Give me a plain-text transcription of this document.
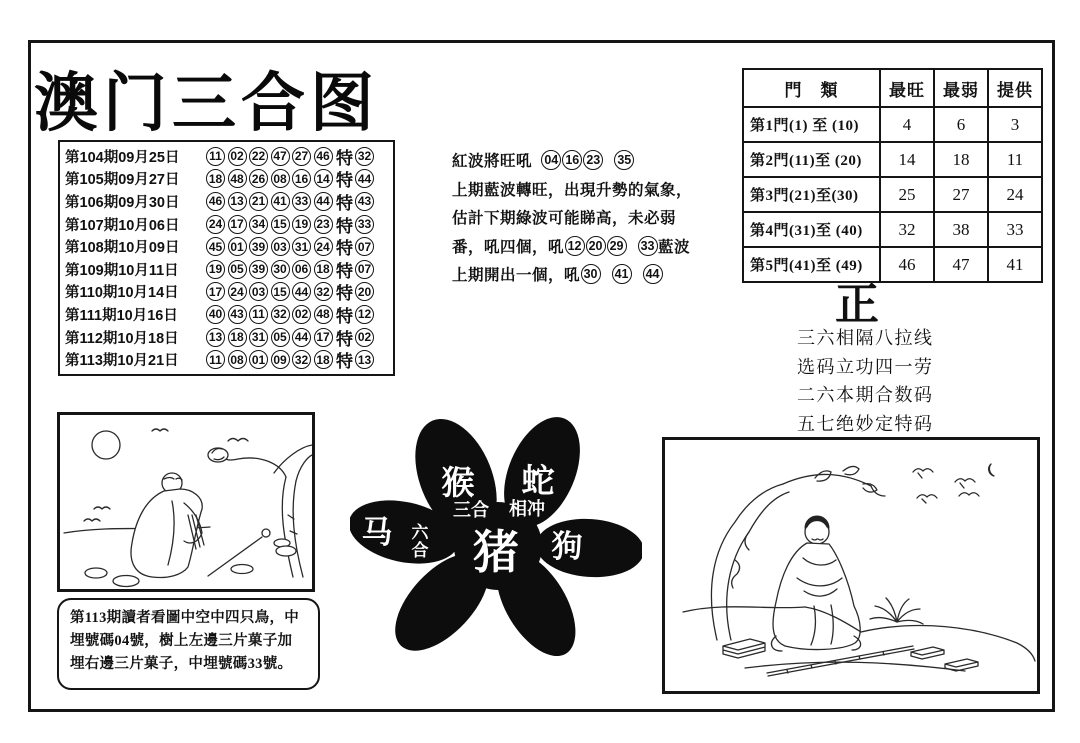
澳门三合图
第104期09月25日	11 02 22 47 27 46 特 32
第105期09月27日	18 48 26 08 16 14 特 44
第106期09月30日	46 13 21 41 33 44 特 43
第107期10月06日	24 17 34 15 19 23 特 33
第108期10月09日	45 01 39 03 31 24 特 07
第109期10月11日	19 05 39 30 06 18 特 07
第110期10月14日	17 24 03 15 44 32 特 20
第111期10月16日	40 43 11 32 02 48 特 12
第112期10月18日	13 18 31 05 44 17 特 02
第113期10月21日	11 08 01 09 32 18 特 13
紅波將旺吼 04 16 23 35
上期藍波轉旺，出現升勢的氣象，
估計下期綠波可能睇高，未必弱
番，吼四個，吼 12 20 29 33 藍波
上期開出一個，吼 30 41 44
門　類	最旺	最弱	提供
第1門(1) 至 (10)	4	6	3
第2門(11)至 (20)	14	18	11
第3門(21)至(30)	25	27	24
第4門(31)至 (40)	32	38	33
第5門(41)至 (49)	46	47	41
正
三六相隔八拉线
选码立功四一劳
二六本期合数码
五七绝妙定特码
第113期讀者看圖中空中四只鳥，中埋號碼04號，樹上左邊三片菓子加埋右邊三片菓子，中埋號碼33號。
猴 蛇
三合 相冲
马 六
合 猪 狗
